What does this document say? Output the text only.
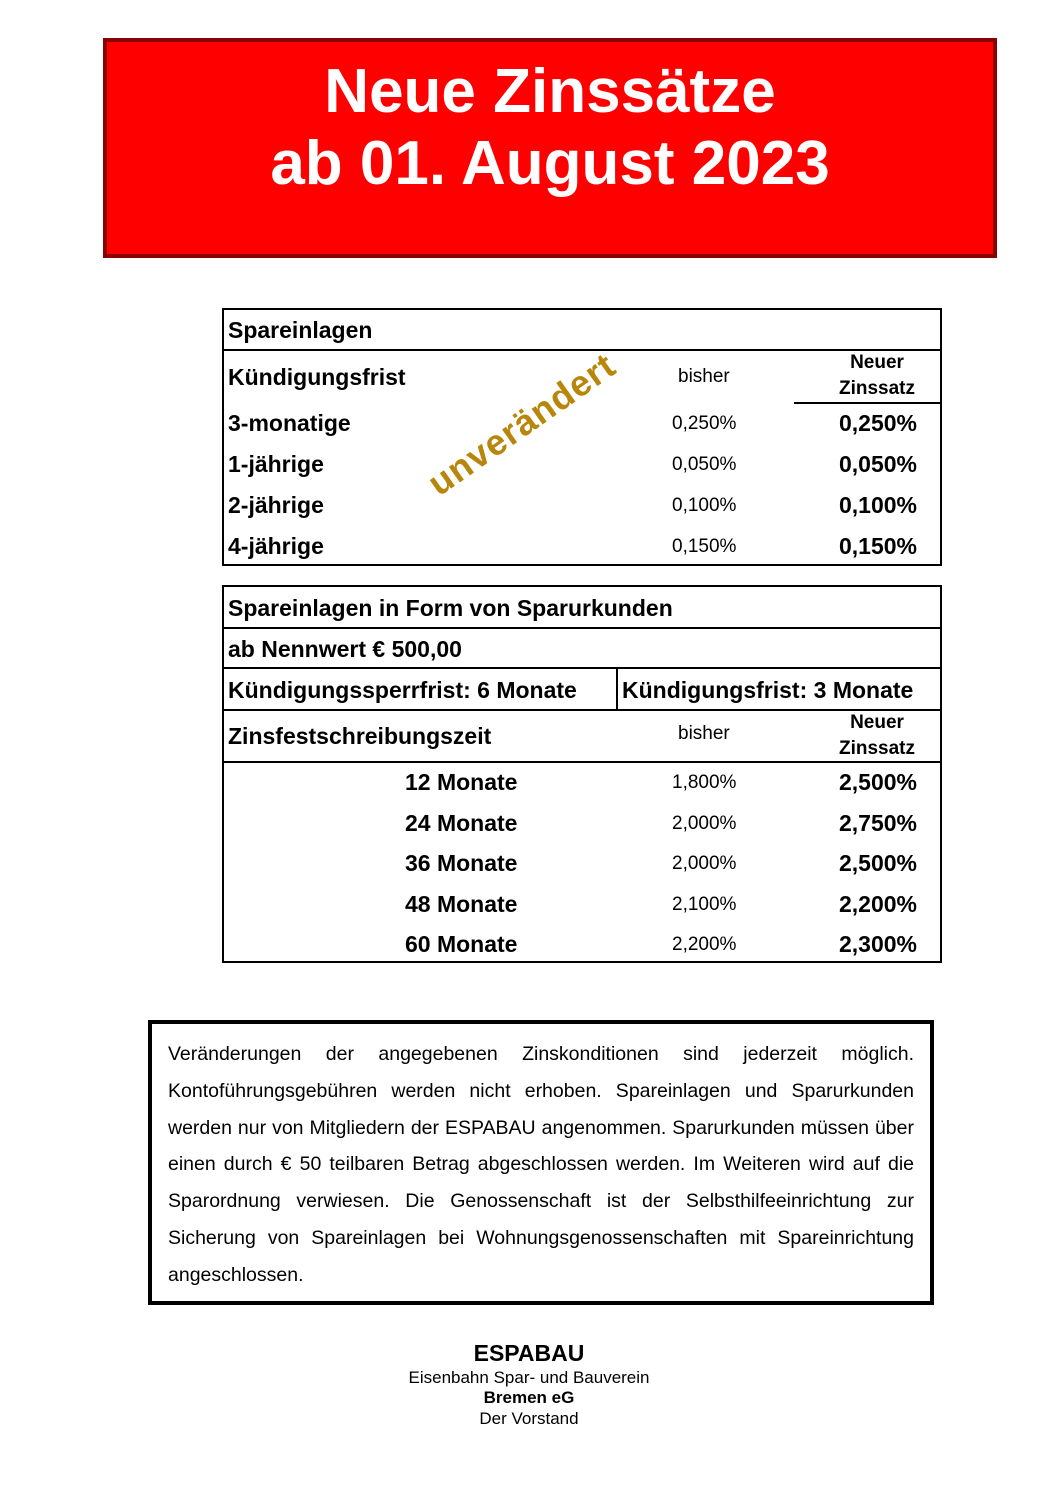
Neue Zinssätze
ab 01. August 2023
Spareinlagen
Kündigungsfrist	bisher
Neuer
Zinssatz
3-monatige	0,250%	0,250%
1-jährige	0,050%	0,050%
2-jährige	0,100%	0,100%
4-jährige	0,150%	0,150%
unverändert
Spareinlagen in Form von Sparurkunden
ab Nennwert € 500,00
Kündigungssperrfrist: 6 Monate Kündigungsfrist: 3 Monate
Zinsfestschreibungszeit	bisher
Neuer
Zinssatz
12 Monate	1,800%	2,500%
24 Monate	2,000%	2,750%
36 Monate	2,000%	2,500%
48 Monate	2,100%	2,200%
60 Monate	2,200%	2,300%

Veränderungen der angegebenen Zinskonditionen sind jederzeit möglich. Kontoführungsgebühren werden nicht erhoben. Spareinlagen und Sparurkunden werden nur von Mitgliedern der ESPABAU angenommen. Sparurkunden müssen über einen durch € 50 teilbaren Betrag abgeschlossen werden. Im Weiteren wird auf die Sparordnung verwiesen. Die Genossenschaft ist der Selbsthilfeeinrichtung zur Sicherung von Spareinlagen bei Wohnungsgenossenschaften mit Spareinrichtung angeschlossen.

ESPABAU
Eisenbahn Spar- und Bauverein
Bremen eG
Der Vorstand
